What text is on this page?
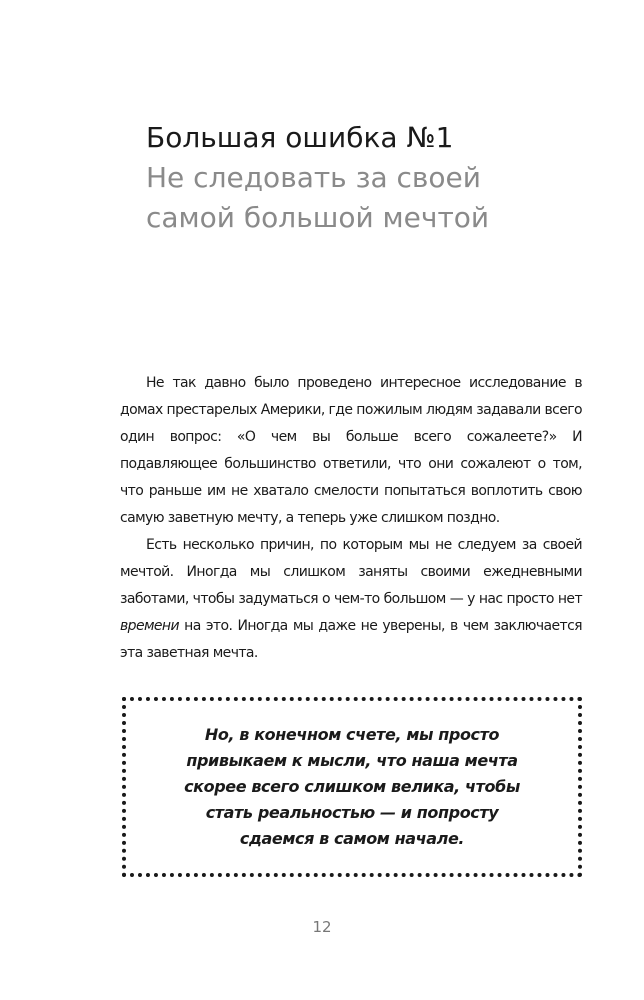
Большая ошибка №1
Не следовать за своей
самой большой мечтой

Не так давно было проведено интересное исследование в домах престарелых Америки, где пожилым людям задавали всего один вопрос: «О чем вы больше всего сожалеете?» И подавляющее большинство ответили, что они сожалеют о том, что раньше им не хватало смелости попытаться воплотить свою самую заветную мечту, а теперь уже слишком поздно.

Есть несколько причин, по которым мы не следуем за своей мечтой. Иногда мы слишком заняты своими ежедневными заботами, чтобы задуматься о чем-то большом — у нас просто нет времени на это. Иногда мы даже не уверены, в чем заключается эта заветная мечта.

Но, в конечном счете, мы просто привыкаем к мысли, что наша мечта скорее всего слишком велика, чтобы стать реальностью — и попросту сдаемся в самом начале.

12
